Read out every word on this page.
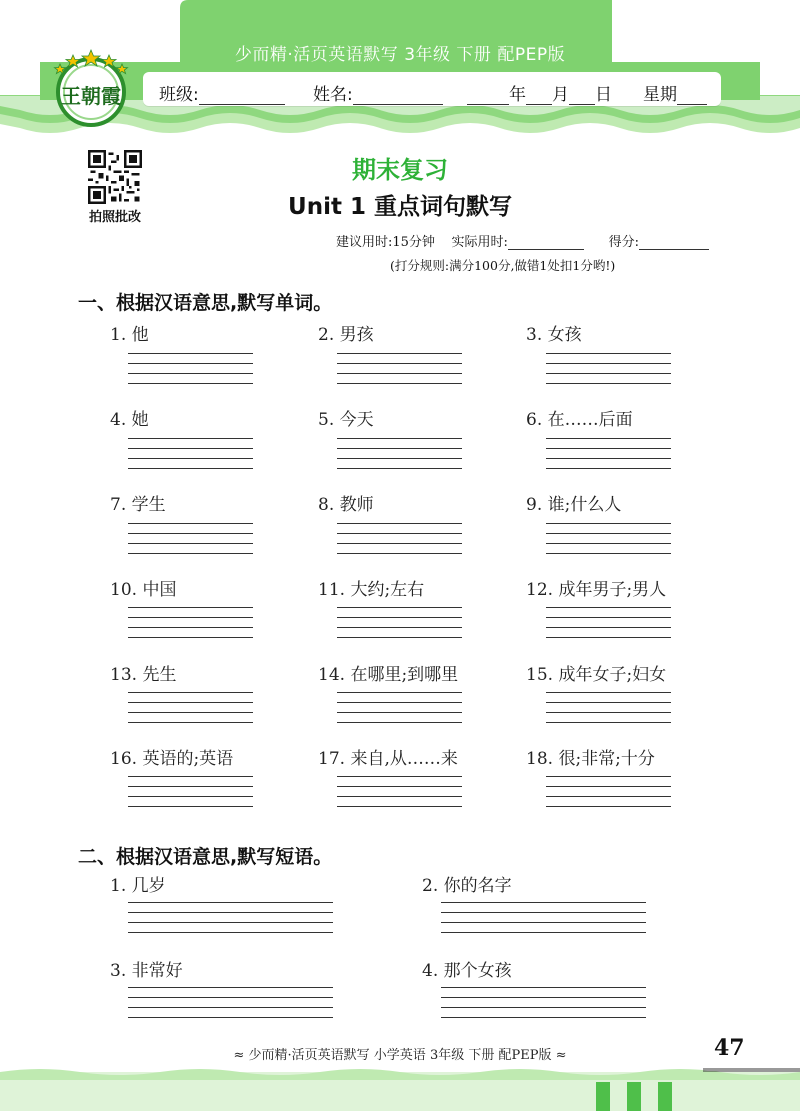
少而精·活页英语默写 3年级 下册 配PEP版
王朝霞 班级:	姓名:	年 月 日 星期
拍照批改
期末复习
Unit 1 重点词句默写
建议用时:15分钟 实际用时:	得分:
(打分规则:满分100分,做错1处扣1分哟!)
一、根据汉语意思,默写单词。
1. 他	2. 男孩	3. 女孩
4. 她	5. 今天	6. 在……后面
7. 学生	8. 教师	9. 谁;什么人
10. 中国	11. 大约;左右	12. 成年男子;男人
13. 先生	14. 在哪里;到哪里	15. 成年女子;妇女
16. 英语的;英语	17. 来自,从……来	18. 很;非常;十分
二、根据汉语意思,默写短语。
1. 几岁	2. 你的名字
3. 非常好	4. 那个女孩
≈ 少而精·活页英语默写 小学英语 3年级 下册 配PEP版 ≈	47
